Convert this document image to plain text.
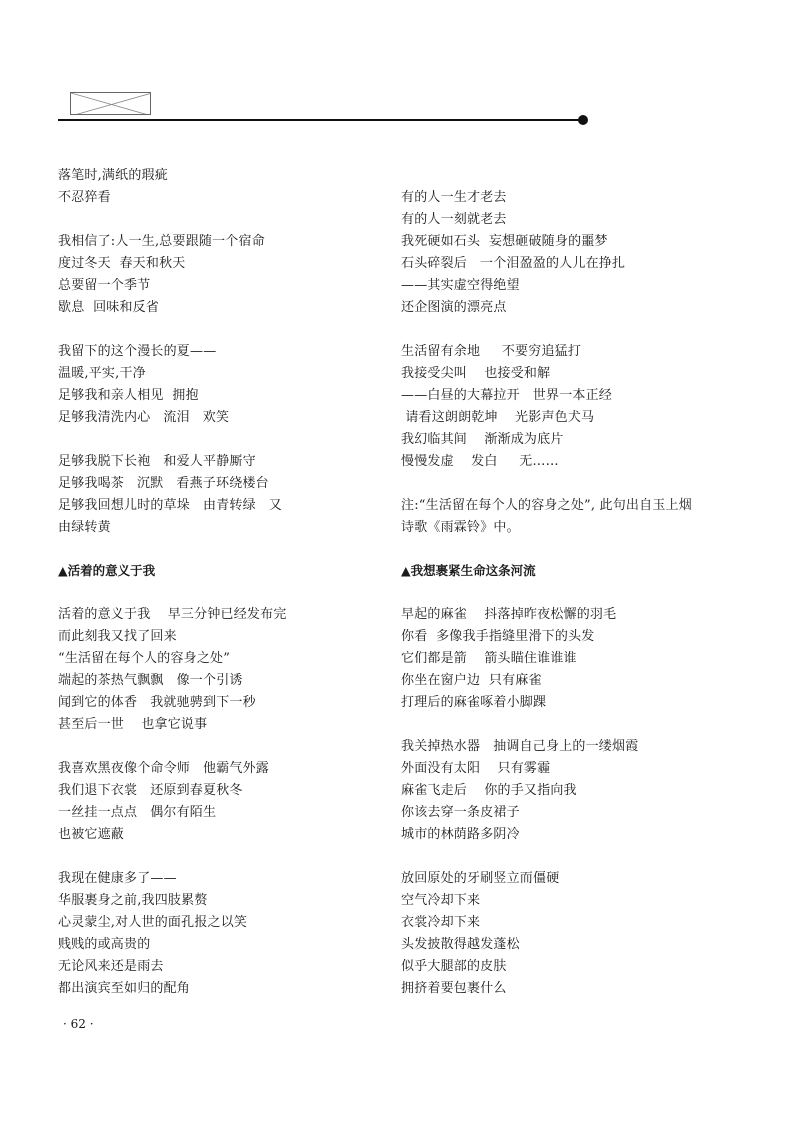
落笔时,满纸的瑕疵
不忍猝看
我相信了:人一生,总要跟随一个宿命
度过冬天  春天和秋天
总要留一个季节
歇息  回味和反省
我留下的这个漫长的夏——
温暖,平实,干净
足够我和亲人相见  拥抱
足够我清洗内心   流泪   欢笑
足够我脱下长袍   和爱人平静厮守
足够我喝茶   沉默   看燕子环绕楼台
足够我回想儿时的草垛   由青转绿   又
由绿转黄
▲活着的意义于我
活着的意义于我    早三分钟已经发布完
而此刻我又找了回来
“生活留在每个人的容身之处”
端起的茶热气飘飘   像一个引诱
闻到它的体香   我就驰骋到下一秒
甚至后一世    也拿它说事
我喜欢黑夜像个命令师   他霸气外露
我们退下衣裳   还原到春夏秋冬
一丝挂一点点   偶尔有陌生
也被它遮蔽
我现在健康多了——
华服裹身之前,我四肢累赘
心灵蒙尘,对人世的面孔报之以笑
贱贱的或高贵的
无论风来还是雨去
都出演宾至如归的配角
有的人一生才老去
有的人一刻就老去
我死硬如石头  妄想砸破随身的噩梦
石头碎裂后   一个泪盈盈的人儿在挣扎
——其实虚空得绝望
还企图演的漂亮点
生活留有余地     不要穷追猛打
我接受尖叫    也接受和解
——白昼的大幕拉开   世界一本正经
请看这朗朗乾坤    光影声色犬马
我幻临其间    渐渐成为底片
慢慢发虚    发白     无……
注:“生活留在每个人的容身之处”, 此句出自玉上烟
诗歌《雨霖铃》中。
▲我想裹紧生命这条河流
早起的麻雀    抖落掉昨夜松懈的羽毛
你看  多像我手指缝里滑下的头发
它们都是箭    箭头瞄住谁谁谁
你坐在窗户边  只有麻雀
打理后的麻雀啄着小脚踝
我关掉热水器   抽调自己身上的一缕烟霞
外面没有太阳    只有雾霾
麻雀飞走后    你的手又指向我
你该去穿一条皮裙子
城市的林荫路多阴冷
放回原处的牙刷竖立而僵硬
空气冷却下来
衣裳冷却下来
头发披散得越发蓬松
似乎大腿部的皮肤
拥挤着要包裹什么
· 62 ·
